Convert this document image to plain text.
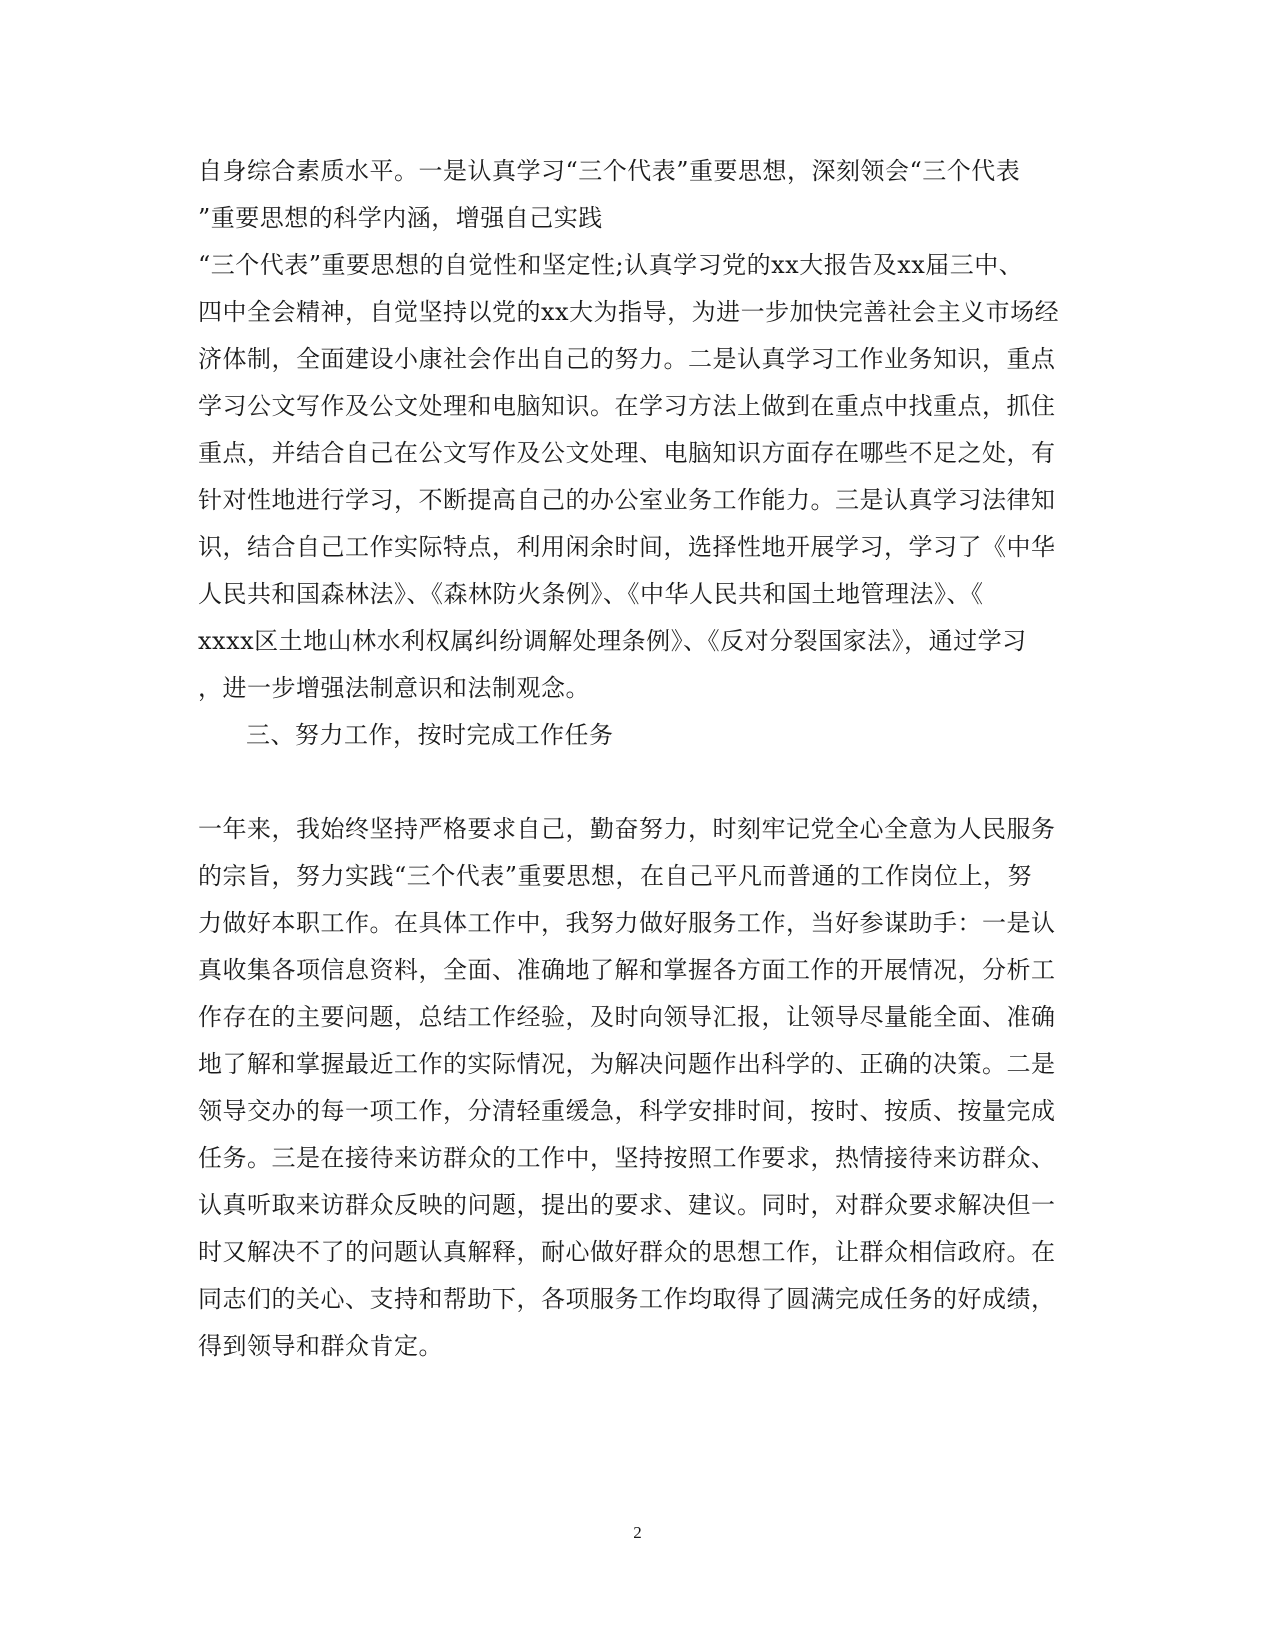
自身综合素质水平。一是认真学习“三个代表”重要思想，深刻领会“三个代表
”重要思想的科学内涵，增强自己实践
“三个代表”重要思想的自觉性和坚定性;认真学习党的xx大报告及xx届三中、
四中全会精神，自觉坚持以党的xx大为指导，为进一步加快完善社会主义市场经
济体制，全面建设小康社会作出自己的努力。二是认真学习工作业务知识，重点
学习公文写作及公文处理和电脑知识。在学习方法上做到在重点中找重点，抓住
重点，并结合自己在公文写作及公文处理、电脑知识方面存在哪些不足之处，有
针对性地进行学习，不断提高自己的办公室业务工作能力。三是认真学习法律知
识，结合自己工作实际特点，利用闲余时间，选择性地开展学习，学习了《中华
人民共和国森林法》、《森林防火条例》、《中华人民共和国土地管理法》、《
xxxx区土地山林水利权属纠纷调解处理条例》、《反对分裂国家法》，通过学习
，进一步增强法制意识和法制观念。
三、努力工作，按时完成工作任务
一年来，我始终坚持严格要求自己，勤奋努力，时刻牢记党全心全意为人民服务
的宗旨，努力实践“三个代表”重要思想，在自己平凡而普通的工作岗位上，努
力做好本职工作。在具体工作中，我努力做好服务工作，当好参谋助手：一是认
真收集各项信息资料，全面、准确地了解和掌握各方面工作的开展情况，分析工
作存在的主要问题，总结工作经验，及时向领导汇报，让领导尽量能全面、准确
地了解和掌握最近工作的实际情况，为解决问题作出科学的、正确的决策。二是
领导交办的每一项工作，分清轻重缓急，科学安排时间，按时、按质、按量完成
任务。三是在接待来访群众的工作中，坚持按照工作要求，热情接待来访群众、
认真听取来访群众反映的问题，提出的要求、建议。同时，对群众要求解决但一
时又解决不了的问题认真解释，耐心做好群众的思想工作，让群众相信政府。在
同志们的关心、支持和帮助下，各项服务工作均取得了圆满完成任务的好成绩，
得到领导和群众肯定。
2
